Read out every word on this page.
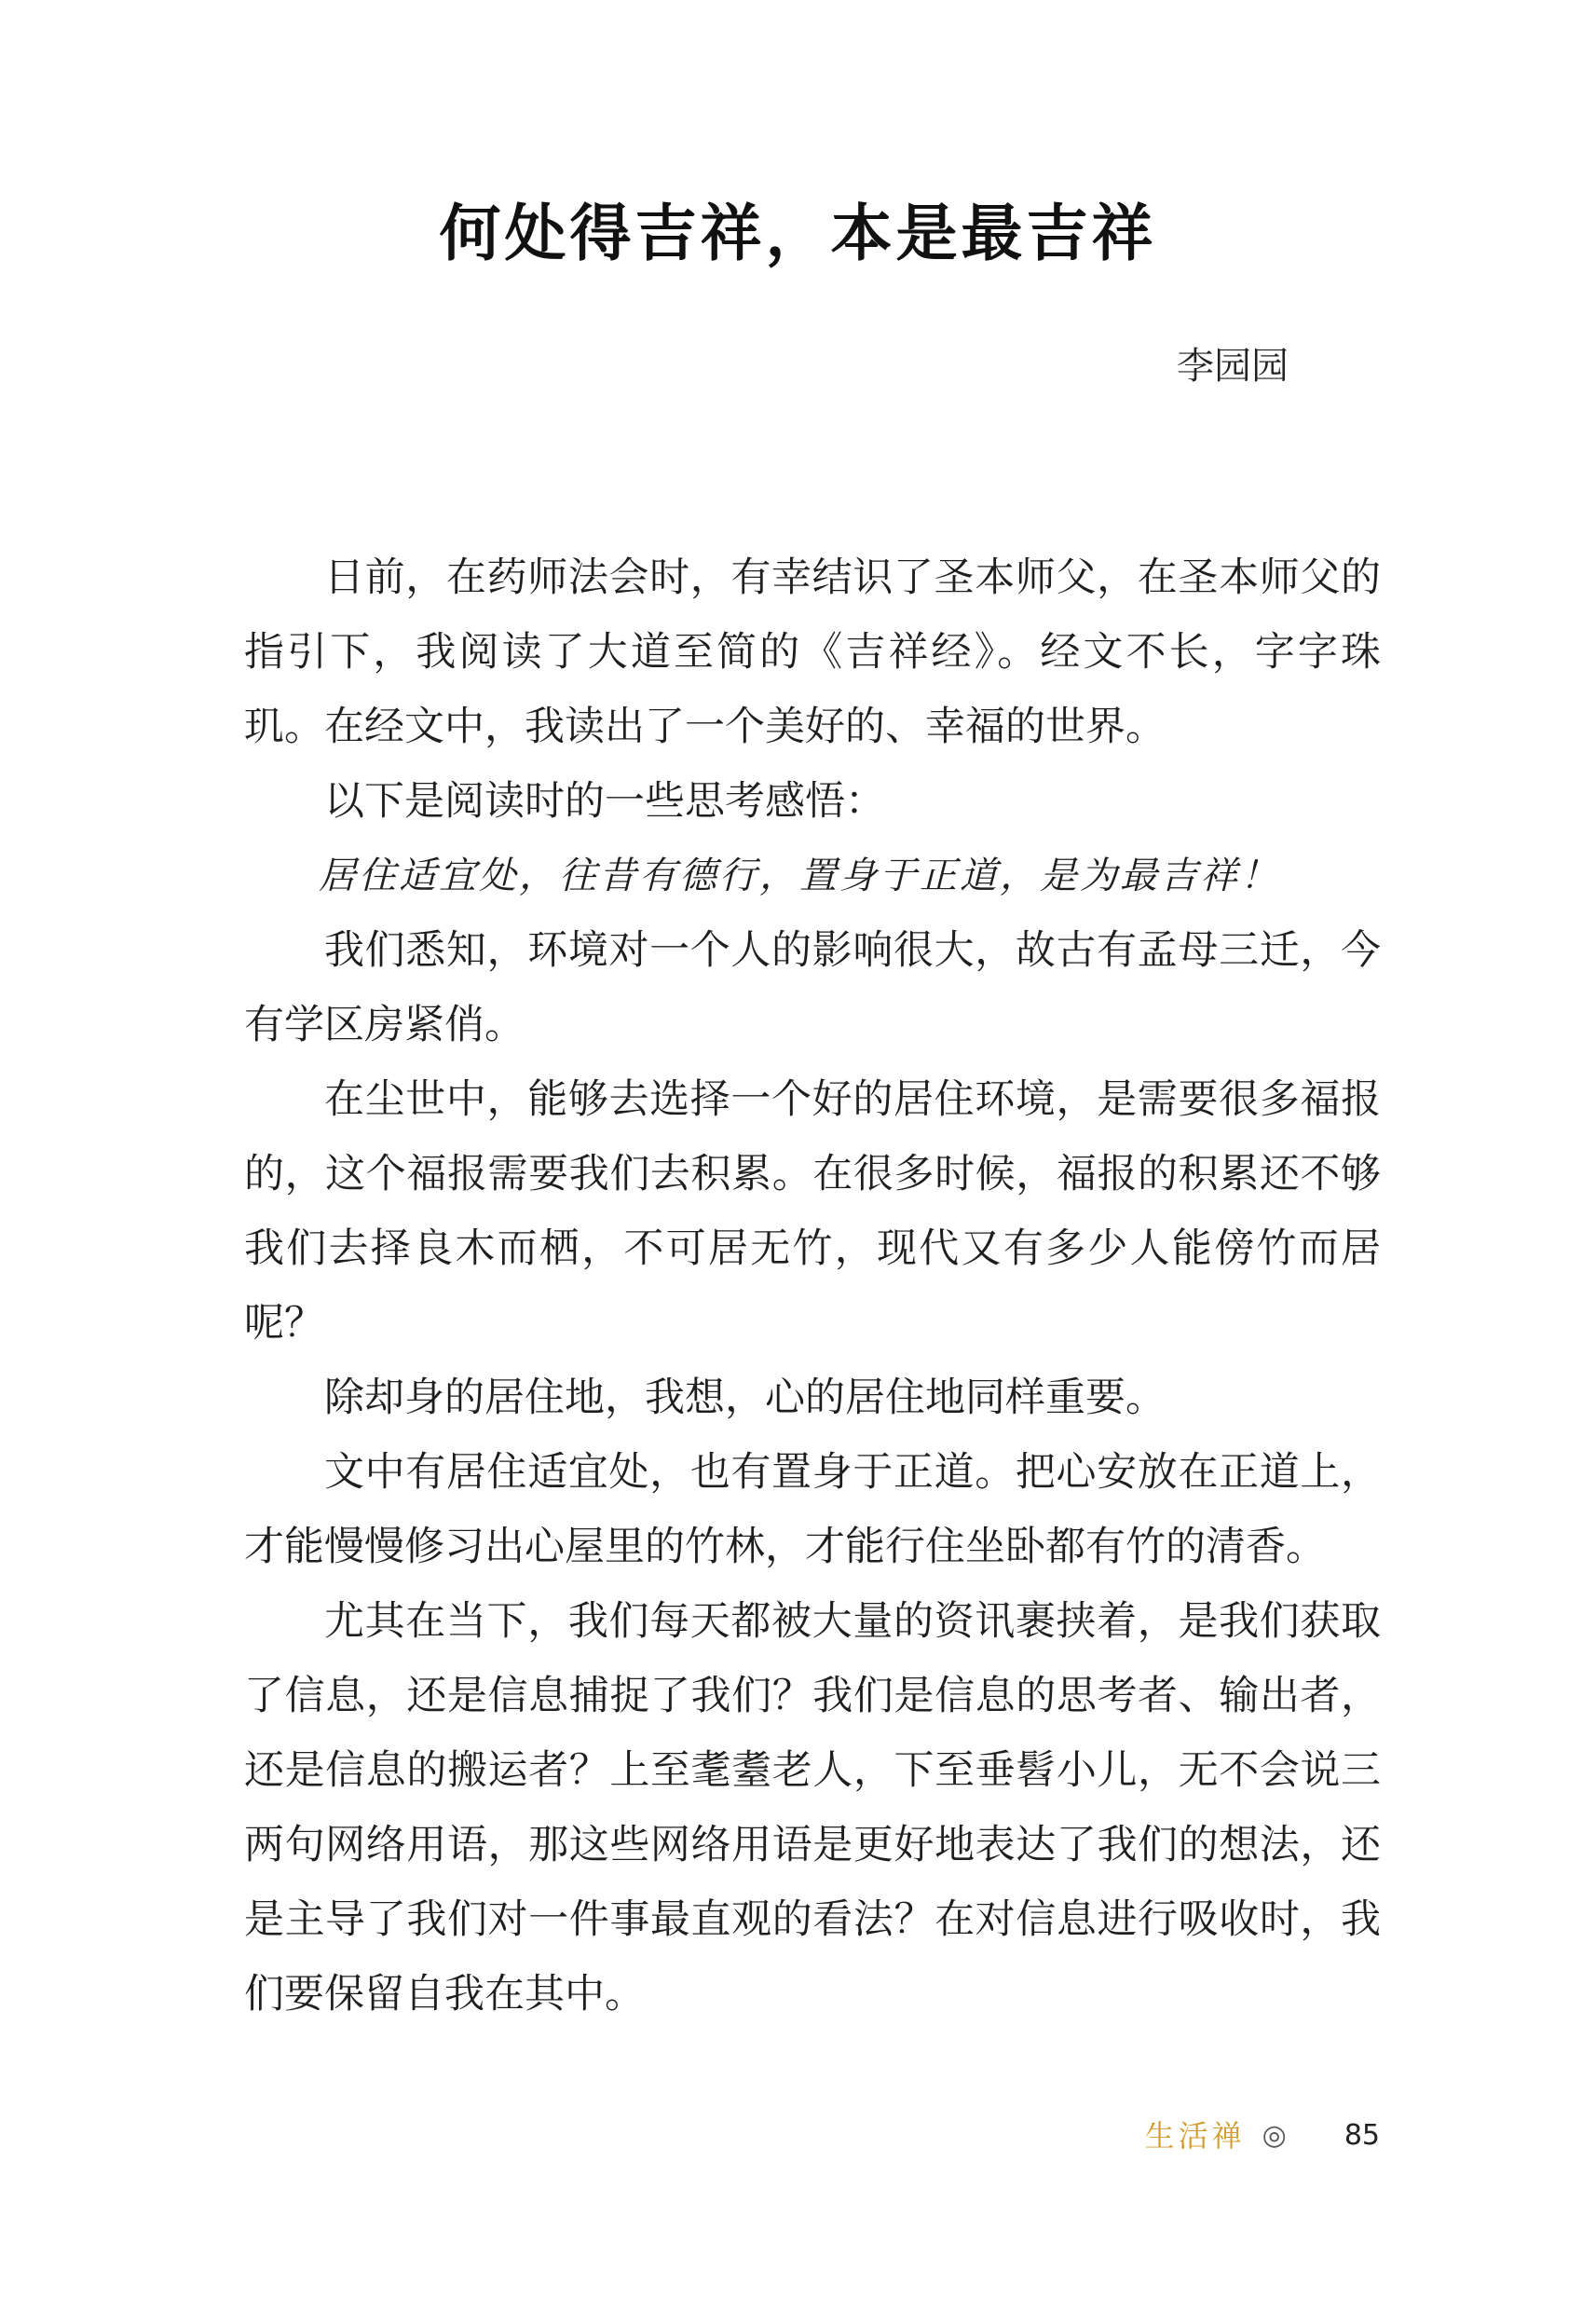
何处得吉祥，本是最吉祥
李园园

日前，在药师法会时，有幸结识了圣本师父，在圣本师父的指引下，我阅读了大道至简的《吉祥经》。经文不长，字字珠玑。在经文中，我读出了一个美好的、幸福的世界。

以下是阅读时的一些思考感悟：

居住适宜处，往昔有德行，置身于正道，是为最吉祥！

我们悉知，环境对一个人的影响很大，故古有孟母三迁，今有学区房紧俏。

在尘世中，能够去选择一个好的居住环境，是需要很多福报的，这个福报需要我们去积累。在很多时候，福报的积累还不够我们去择良木而栖，不可居无竹，现代又有多少人能傍竹而居呢？

除却身的居住地，我想，心的居住地同样重要。

文中有居住适宜处，也有置身于正道。把心安放在正道上，才能慢慢修习出心屋里的竹林，才能行住坐卧都有竹的清香。

尤其在当下，我们每天都被大量的资讯裹挟着，是我们获取了信息，还是信息捕捉了我们？我们是信息的思考者、输出者，还是信息的搬运者？上至耄耋老人，下至垂髫小儿，无不会说三两句网络用语，那这些网络用语是更好地表达了我们的想法，还是主导了我们对一件事最直观的看法？在对信息进行吸收时，我们要保留自我在其中。

生活禅 ◎ 85
